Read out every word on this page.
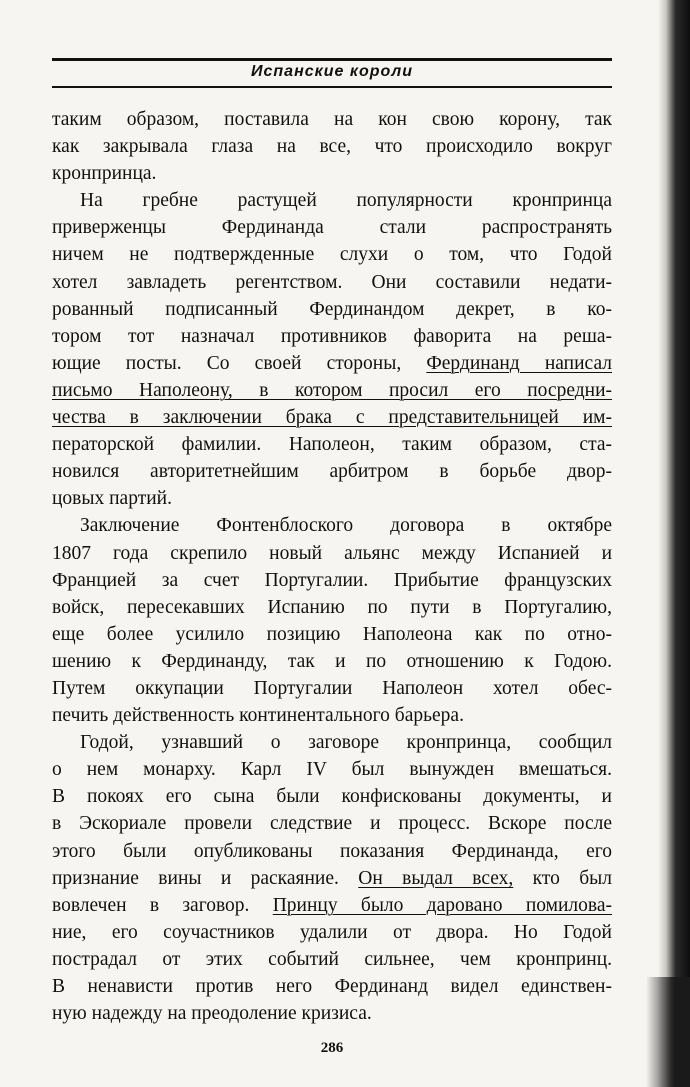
Испанские короли
таким образом, поставила на кон свою корону, так
как закрывала глаза на все, что происходило вокруг
кронпринца.
На гребне растущей популярности кронпринца
приверженцы Фердинанда стали распространять
ничем не подтвержденные слухи о том, что Годой
хотел завладеть регентством. Они составили недати-
рованный подписанный Фердинандом декрет, в ко-
тором тот назначал противников фаворита на реша-
ющие посты. Со своей стороны, Фердинанд написал
письмо Наполеону, в котором просил его посредни-
чества в заключении брака с представительницей им-
ператорской фамилии. Наполеон, таким образом, ста-
новился авторитетнейшим арбитром в борьбе двор-
цовых партий.
Заключение Фонтенблоского договора в октябре
1807 года скрепило новый альянс между Испанией и
Францией за счет Португалии. Прибытие французских
войск, пересекавших Испанию по пути в Португалию,
еще более усилило позицию Наполеона как по отно-
шению к Фердинанду, так и по отношению к Годою.
Путем оккупации Португалии Наполеон хотел обес-
печить действенность континентального барьера.
Годой, узнавший о заговоре кронпринца, сообщил
о нем монарху. Карл IV был вынужден вмешаться.
В покоях его сына были конфискованы документы, и
в Эскориале провели следствие и процесс. Вскоре после
этого были опубликованы показания Фердинанда, его
признание вины и раскаяние. Он выдал всех, кто был
вовлечен в заговор. Принцу было даровано помилова-
ние, его соучастников удалили от двора. Но Годой
пострадал от этих событий сильнее, чем кронпринц.
В ненависти против него Фердинанд видел единствен-
ную надежду на преодоление кризиса.
286
